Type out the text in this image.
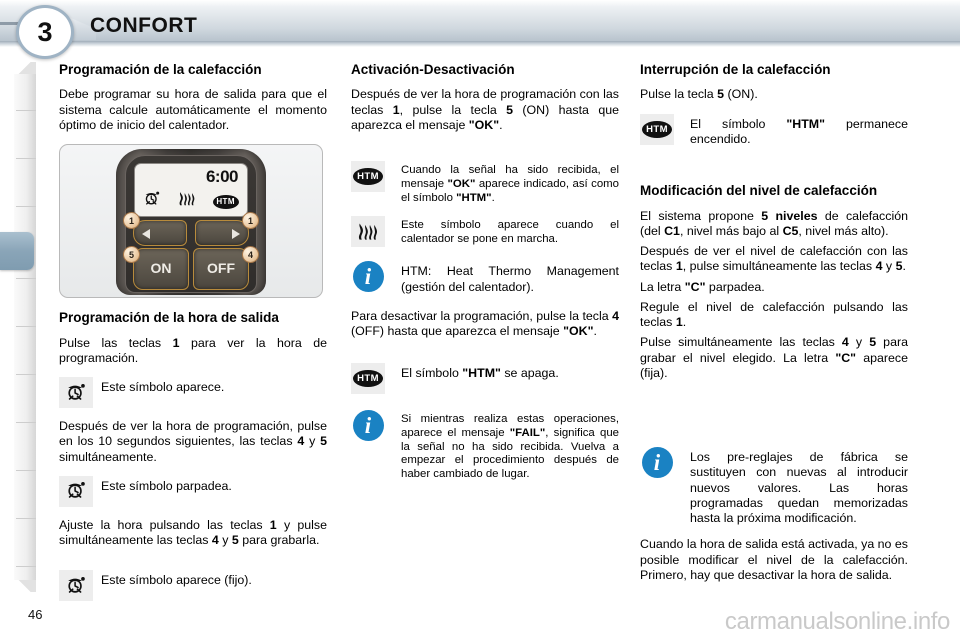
3	CONFORT
Programación de la calefacción

Debe programar su hora de salida para que el sistema calcule automáticamente el momento óptimo de inicio del calentador.

6:00
HTM
ON	OFF
1	1
5	4
Programación de la hora de salida

Pulse las teclas 1 para ver la hora de programación.

Este símbolo aparece.

Después de ver la hora de programación, pulse en los 10 segundos siguientes, las teclas 4 y 5 simultáneamente.

Este símbolo parpadea.

Ajuste la hora pulsando las teclas 1 y pulse simultáneamente las teclas 4 y 5 para grabarla.

Este símbolo aparece (fijo).
Activación-Desactivación

Después de ver la hora de programación con las teclas 1, pulse la tecla 5 (ON) hasta que aparezca el mensaje "OK".

HTM
Cuando la señal ha sido recibida, el mensaje "OK" aparece indicado, así como el símbolo "HTM".
Este símbolo aparece cuando el calentador se pone en marcha.
i	HTM: Heat Thermo Management (gestión del calentador).

Para desactivar la programación, pulse la tecla 4 (OFF) hasta que aparezca el mensaje "OK".

HTM	El símbolo "HTM" se apaga.
i	Si mientras realiza estas operaciones, aparece el mensaje "FAIL", significa que la señal no ha sido recibida. Vuelva a empezar el procedimiento después de haber cambiado de lugar.
Interrupción de la calefacción

Pulse la tecla 5 (ON).

HTM	El símbolo "HTM" permanece encendido.
Modificación del nivel de calefacción

El sistema propone 5 niveles de calefacción (del C1, nivel más bajo al C5, nivel más alto).

Después de ver el nivel de calefacción con las teclas 1, pulse simultáneamente las teclas 4 y 5.

La letra "C" parpadea.

Regule el nivel de calefacción pulsando las teclas 1.

Pulse simultáneamente las teclas 4 y 5 para grabar el nivel elegido. La letra "C" aparece (fija).

i	Los pre-reglajes de fábrica se sustituyen con nuevas al introducir nuevos valores. Las horas programadas quedan memorizadas hasta la próxima modificación.

Cuando la hora de salida está activada, ya no es posible modificar el nivel de la calefacción. Primero, hay que desactivar la hora de salida.

46	carmanualsonline.info
